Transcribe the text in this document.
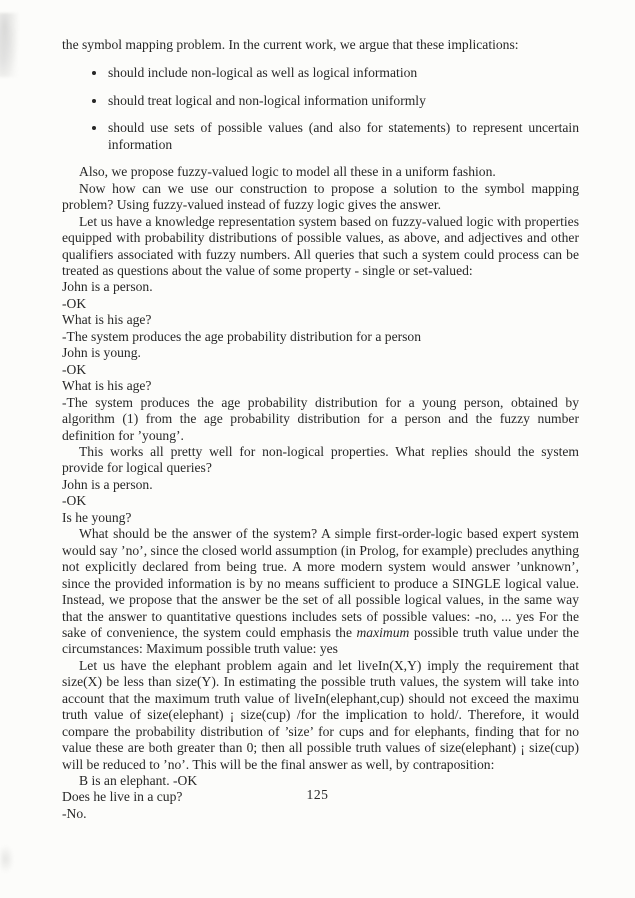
the symbol mapping problem. In the current work, we argue that these implications:

• should include non-logical as well as logical information
• should treat logical and non-logical information uniformly
• should use sets of possible values (and also for statements) to represent uncertain information

Also, we propose fuzzy-valued logic to model all these in a uniform fashion.

Now how can we use our construction to propose a solution to the symbol mapping problem? Using fuzzy-valued instead of fuzzy logic gives the answer.

Let us have a knowledge representation system based on fuzzy-valued logic with properties equipped with probability distributions of possible values, as above, and adjectives and other qualifiers associated with fuzzy numbers. All queries that such a system could process can be treated as questions about the value of some property - single or set-valued:

John is a person.

-OK

What is his age?

-The system produces the age probability distribution for a person

John is young.

-OK

What is his age?

-The system produces the age probability distribution for a young person, obtained by algorithm (1) from the age probability distribution for a person and the fuzzy number definition for ’young’.

This works all pretty well for non-logical properties. What replies should the system provide for logical queries?

John is a person.

-OK

Is he young?

What should be the answer of the system? A simple first-order-logic based expert system would say ’no’, since the closed world assumption (in Prolog, for example) precludes anything not explicitly declared from being true. A more modern system would answer ’unknown’, since the provided information is by no means sufficient to produce a SINGLE logical value. Instead, we propose that the answer be the set of all possible logical values, in the same way that the answer to quantitative questions includes sets of possible values: -no, ... yes For the sake of convenience, the system could emphasis the maximum possible truth value under the circumstances: Maximum possible truth value: yes

Let us have the elephant problem again and let liveIn(X,Y) imply the requirement that size(X) be less than size(Y). In estimating the possible truth values, the system will take into account that the maximum truth value of liveIn(elephant,cup) should not exceed the maximu truth value of size(elephant) ¡ size(cup) /for the implication to hold/. Therefore, it would compare the probability distribution of ’size’ for cups and for elephants, finding that for no value these are both greater than 0; then all possible truth values of size(elephant) ¡ size(cup) will be reduced to ’no’. This will be the final answer as well, by contraposition:

B is an elephant. -OK

Does he live in a cup?

-No.

125
